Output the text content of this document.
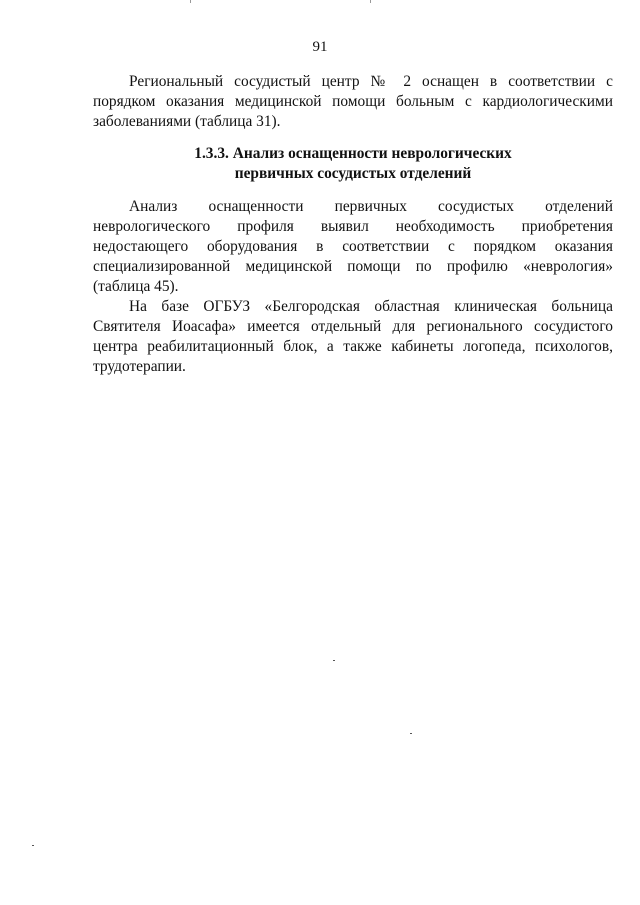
91

Региональный сосудистый центр № 2 оснащен в соответствии с порядком оказания медицинской помощи больным с кардиологическими заболеваниями (таблица 31).

1.3.3. Анализ оснащенности неврологических
первичных сосудистых отделений

Анализ оснащенности первичных сосудистых отделений неврологического профиля выявил необходимость приобретения недостающего оборудования в соответствии с порядком оказания специализированной медицинской помощи по профилю «неврология» (таблица 45).

На базе ОГБУЗ «Белгородская областная клиническая больница Святителя Иоасафа» имеется отдельный для регионального сосудистого центра реабилитационный блок, а также кабинеты логопеда, психологов, трудотерапии.
